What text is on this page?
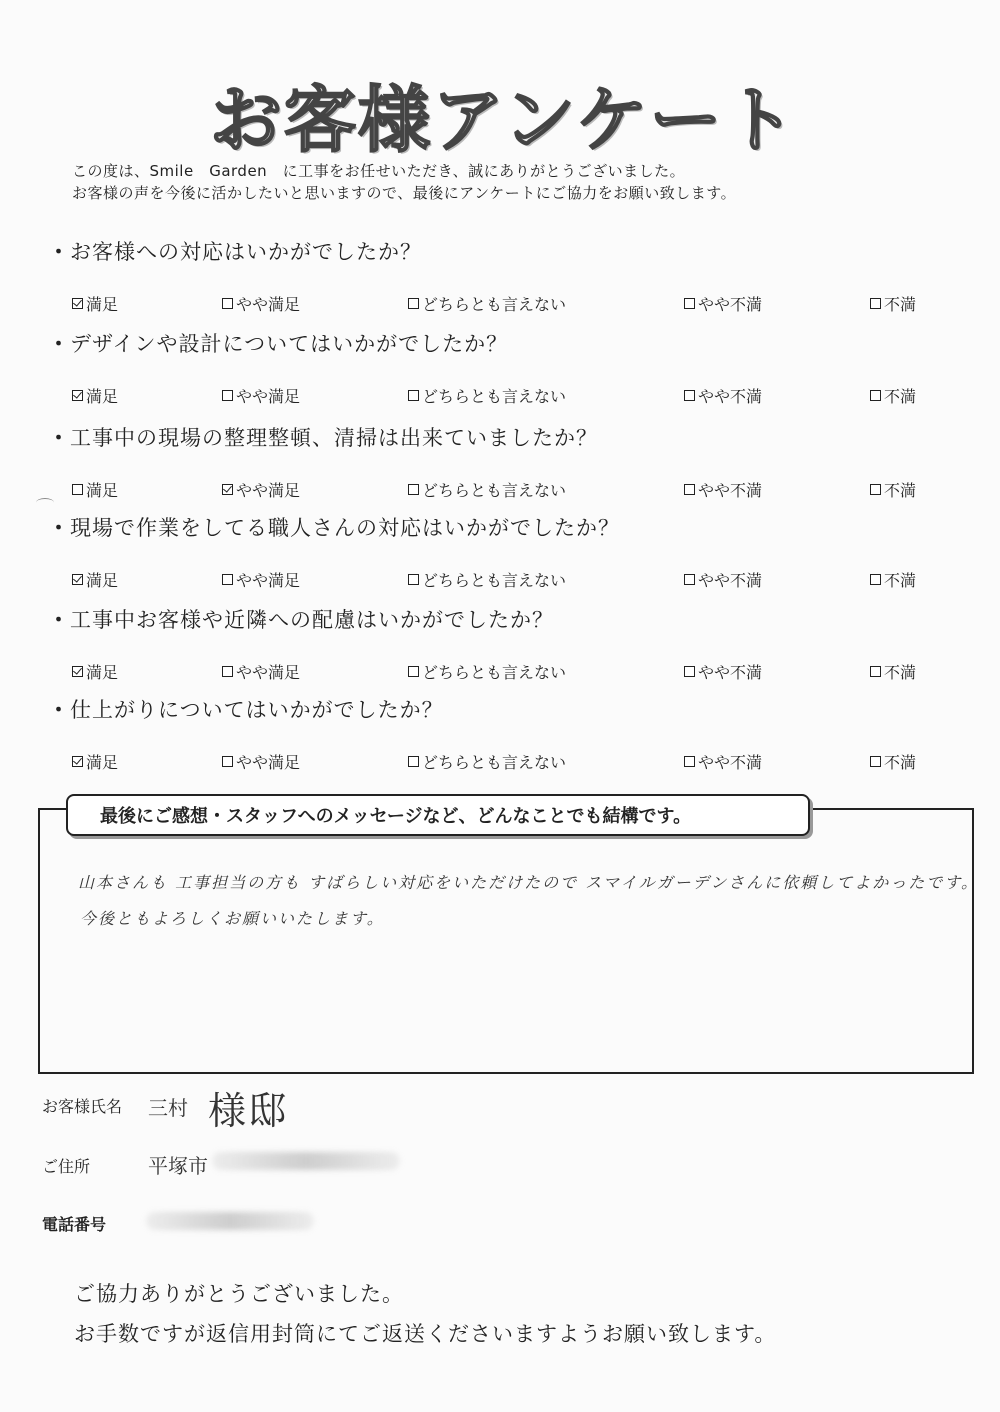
お客様アンケート
この度は、Smile　Garden　に工事をお任せいただき、誠にありがとうございました。
お客様の声を今後に活かしたいと思いますので、最後にアンケートにご協力をお願い致します。
・お客様への対応はいかがでしたか？
満足	やや満足	どちらとも言えない	やや不満	不満
・デザインや設計についてはいかがでしたか？
満足	やや満足	どちらとも言えない	やや不満	不満
・工事中の現場の整理整頓、清掃は出来ていましたか？
満足	やや満足	どちらとも言えない	やや不満	不満
・現場で作業をしてる職人さんの対応はいかがでしたか？
満足	やや満足	どちらとも言えない	やや不満	不満
・工事中お客様や近隣への配慮はいかがでしたか？
満足	やや満足	どちらとも言えない	やや不満	不満
・仕上がりについてはいかがでしたか？
満足	やや満足	どちらとも言えない	やや不満	不満
最後にご感想・スタッフへのメッセージなど、どんなことでも結構です。
山本さんも 工事担当の方も すばらしい対応をいただけたので スマイルガーデンさんに依頼してよかったです。
今後ともよろしくお願いいたします。
お客様氏名 三村 様邸
ご住所	平塚市
電話番号
ご協力ありがとうございました。
お手数ですが返信用封筒にてご返送くださいますようお願い致します。
